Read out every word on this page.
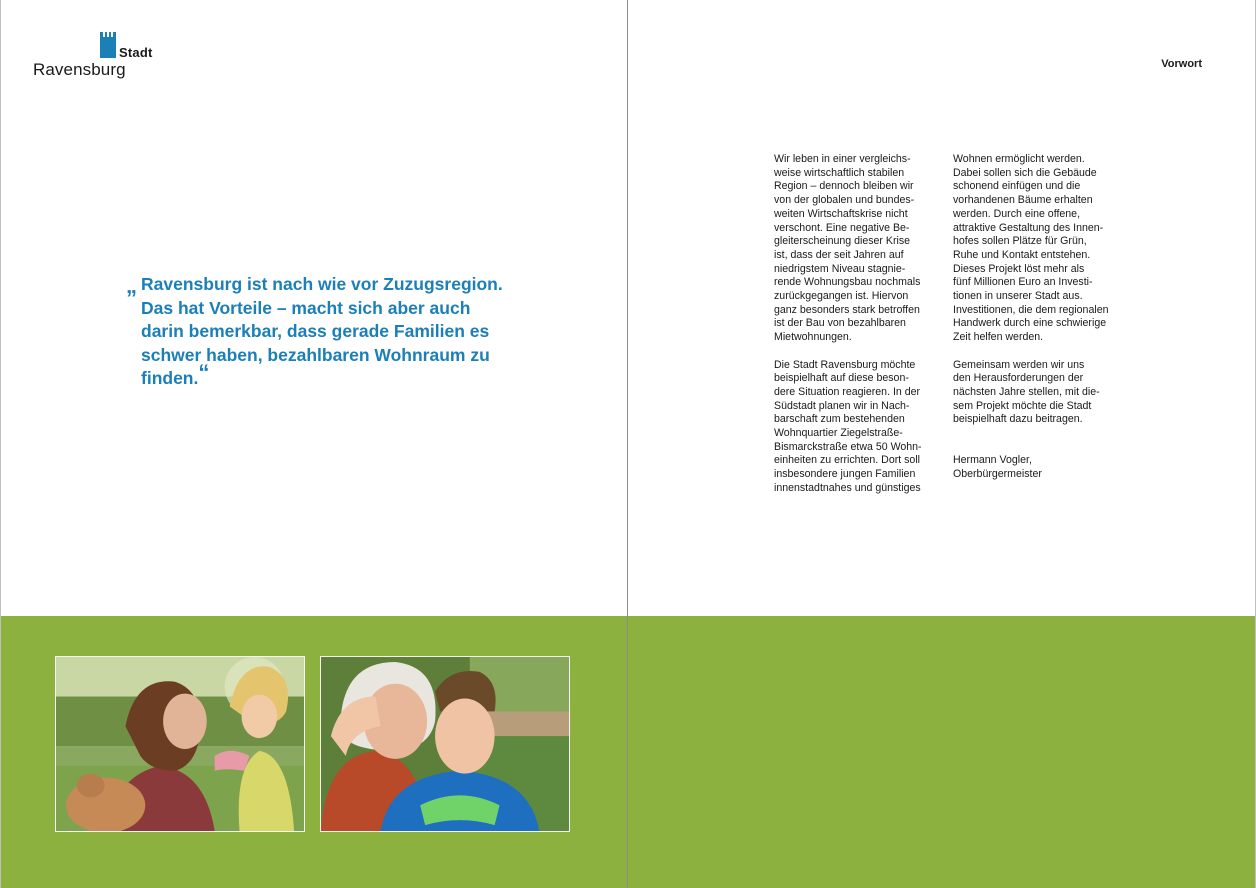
Stadt
Ravensburg
„ Ravensburg ist nach wie vor Zuzugsregion.
Das hat Vorteile – macht sich aber auch
darin bemerkbar, dass gerade Familien es
schwer haben, bezahlbaren Wohnraum zu
finden.“
Vorwort

Wir leben in einer vergleichs-
weise wirtschaftlich stabilen
Region – dennoch bleiben wir
von der globalen und bundes-
weiten Wirtschaftskrise nicht
verschont. Eine negative Be-
gleiterscheinung dieser Krise
ist, dass der seit Jahren auf
niedrigstem Niveau stagnie-
rende Wohnungsbau nochmals
zurückgegangen ist. Hiervon
ganz besonders stark betroffen
ist der Bau von bezahlbaren
Mietwohnungen.

Die Stadt Ravensburg möchte
beispielhaft auf diese beson-
dere Situation reagieren. In der
Südstadt planen wir in Nach-
barschaft zum bestehenden
Wohnquartier Ziegelstraße-
Bismarckstraße etwa 50 Wohn-
einheiten zu errichten. Dort soll
insbesondere jungen Familien
innenstadtnahes und günstiges

Wohnen ermöglicht werden.
Dabei sollen sich die Gebäude
schonend einfügen und die
vorhandenen Bäume erhalten
werden. Durch eine offene,
attraktive Gestaltung des Innen-
hofes sollen Plätze für Grün,
Ruhe und Kontakt entstehen.
Dieses Projekt löst mehr als
fünf Millionen Euro an Investi-
tionen in unserer Stadt aus.
Investitionen, die dem regionalen
Handwerk durch eine schwierige
Zeit helfen werden.

Gemeinsam werden wir uns
den Herausforderungen der
nächsten Jahre stellen, mit die-
sem Projekt möchte die Stadt
beispielhaft dazu beitragen.

Hermann Vogler,
Oberbürgermeister
